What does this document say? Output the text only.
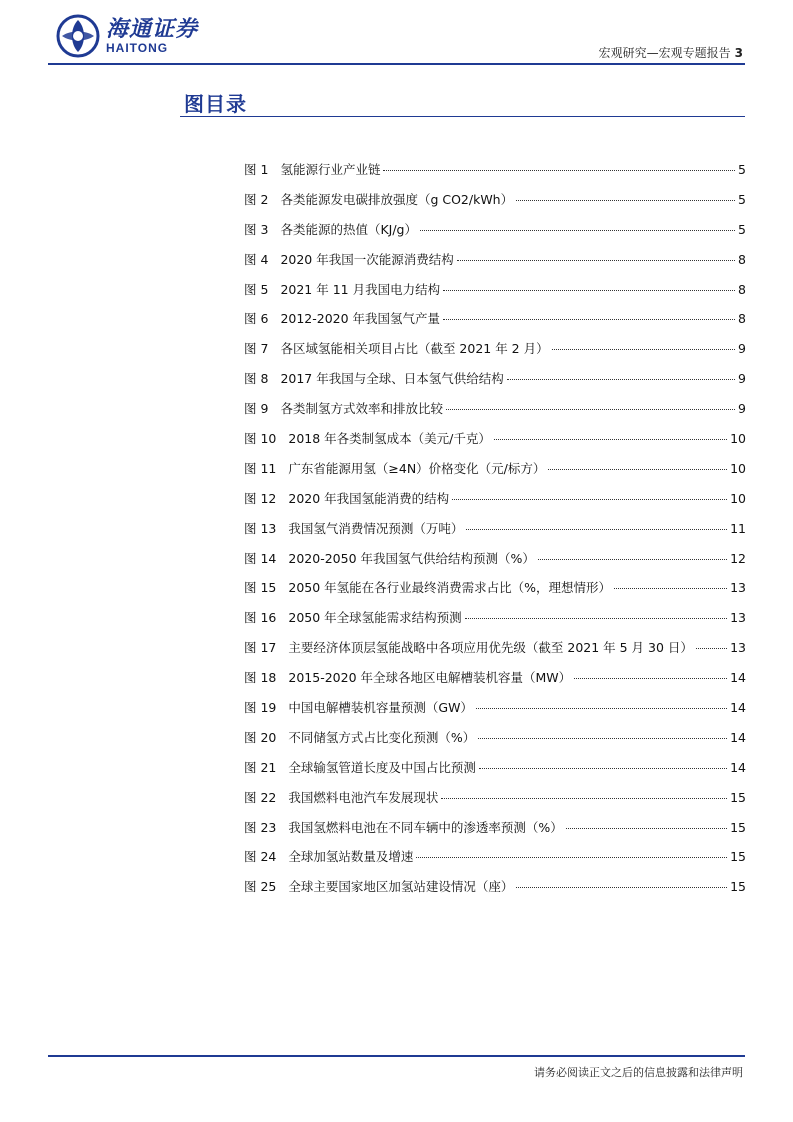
海通证券
HAITONG	宏观研究—宏观专题报告 3
图目录
图 1 氢能源行业产业链	5
图 2 各类能源发电碳排放强度（g CO2/kWh）	5
图 3 各类能源的热值（KJ/g）	5
图 4 2020 年我国一次能源消费结构	8
图 5 2021 年 11 月我国电力结构	8
图 6 2012-2020 年我国氢气产量	8
图 7 各区域氢能相关项目占比（截至 2021 年 2 月）	9
图 8 2017 年我国与全球、日本氢气供给结构	9
图 9 各类制氢方式效率和排放比较	9
图 10 2018 年各类制氢成本（美元/千克）	10
图 11 广东省能源用氢（≥4N）价格变化（元/标方）	10
图 12 2020 年我国氢能消费的结构	10
图 13 我国氢气消费情况预测（万吨）	11
图 14 2020-2050 年我国氢气供给结构预测（%）	12
图 15 2050 年氢能在各行业最终消费需求占比（%，理想情形）	13
图 16 2050 年全球氢能需求结构预测	13
图 17 主要经济体顶层氢能战略中各项应用优先级（截至 2021 年 5 月 30 日）	13
图 18 2015-2020 年全球各地区电解槽装机容量（MW）	14
图 19 中国电解槽装机容量预测（GW）	14
图 20 不同储氢方式占比变化预测（%）	14
图 21 全球输氢管道长度及中国占比预测	14
图 22 我国燃料电池汽车发展现状	15
图 23 我国氢燃料电池在不同车辆中的渗透率预测（%）	15
图 24 全球加氢站数量及增速	15
图 25 全球主要国家地区加氢站建设情况（座）	15
请务必阅读正文之后的信息披露和法律声明
